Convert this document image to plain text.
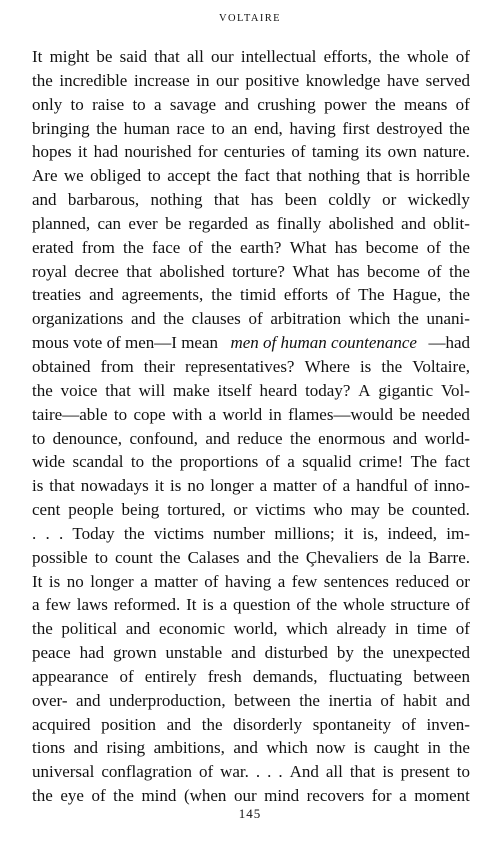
VOLTAIRE
It might be said that all our intellectual efforts, the whole of
the incredible increase in our positive knowledge have served
only to raise to a savage and crushing power the means of
bringing the human race to an end, having first destroyed the
hopes it had nourished for centuries of taming its own nature.
Are we obliged to accept the fact that nothing that is horrible
and barbarous, nothing that has been coldly or wickedly
planned, can ever be regarded as finally abolished and oblit-
erated from the face of the earth? What has become of the
royal decree that abolished torture? What has become of the
treaties and agreements, the timid efforts of The Hague, the
organizations and the clauses of arbitration which the unani-
mous vote of men—I mean men of human countenance —had
obtained from their representatives? Where is the Voltaire,
the voice that will make itself heard today? A gigantic Vol-
taire—able to cope with a world in flames—would be needed
to denounce, confound, and reduce the enormous and world-
wide scandal to the proportions of a squalid crime! The fact
is that nowadays it is no longer a matter of a handful of inno-
cent people being tortured, or victims who may be counted.
. . . Today the victims number millions; it is, indeed, im-
possible to count the Calases and the Çhevaliers de la Barre.
It is no longer a matter of having a few sentences reduced or
a few laws reformed. It is a question of the whole structure of
the political and economic world, which already in time of
peace had grown unstable and disturbed by the unexpected
appearance of entirely fresh demands, fluctuating between
over- and underproduction, between the inertia of habit and
acquired position and the disorderly spontaneity of inven-
tions and rising ambitions, and which now is caught in the
universal conflagration of war. . . . And all that is present to
the eye of the mind (when our mind recovers for a moment
145
